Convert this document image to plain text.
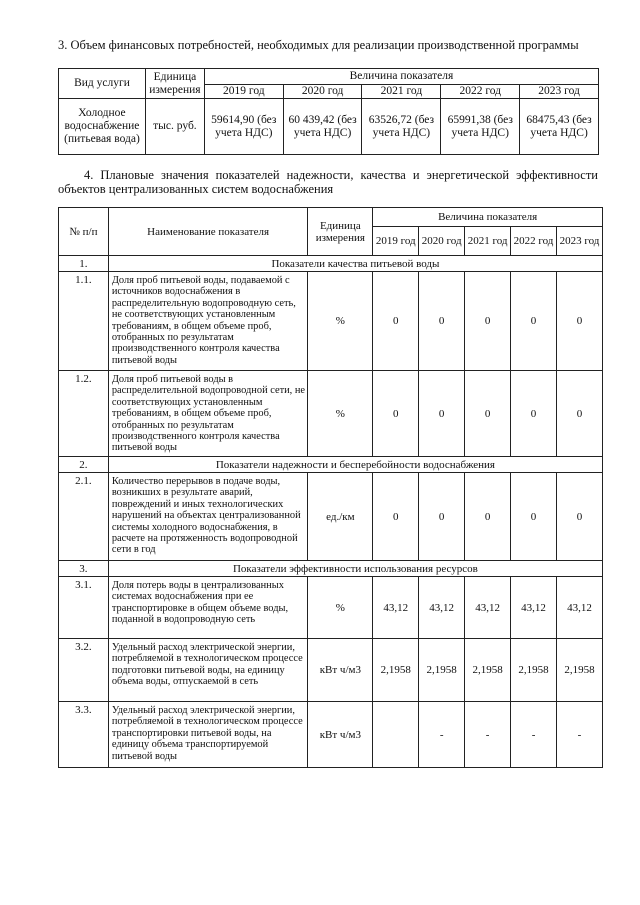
3. Объем финансовых потребностей, необходимых для реализации производственной программы
Вид услуги	Единица измерения	Величина показателя				
		2019 год	2020 год	2021 год	2022 год	2023 год
Холодное водоснабжение (питьевая вода)	тыс. руб.	59614,90 (без учета НДС)	60 439,42 (без учета НДС)	63526,72 (без учета НДС)	65991,38 (без учета НДС)	68475,43 (без учета НДС)
4. Плановые значения показателей надежности, качества и энергетической эффективности объектов централизованных систем водоснабжения
№ п/п	Наименование показателя	Единица измерения	Величина показателя				
			2019 год	2020 год	2021 год	2022 год	2023 год
1.	Показатели качества питьевой воды						
1.1.	Доля проб питьевой воды, подаваемой с источников водоснабжения в распределительную водопроводную сеть, не соответствующих установленным требованиям, в общем объеме проб, отобранных по результатам производственного контроля качества питьевой воды	%	0	0	0	0	0
1.2.	Доля проб питьевой воды в распределительной водопроводной сети, не соответствующих установленным требованиям, в общем объеме проб, отобранных по результатам производственного контроля качества питьевой воды	%	0	0	0	0	0
2.	Показатели надежности и бесперебойности водоснабжения						
2.1.	Количество перерывов в подаче воды, возникших в результате аварий, повреждений и иных технологических нарушений на объектах централизованной системы холодного водоснабжения, в расчете на протяженность водопроводной сети в год	ед./км	0	0	0	0	0
3.	Показатели эффективности использования ресурсов						
3.1.	Доля потерь воды в централизованных системах водоснабжения при ее транспортировке в общем объеме воды, поданной в водопроводную сеть	%	43,12	43,12	43,12	43,12	43,12
3.2.	Удельный расход электрической энергии, потребляемой в технологическом процессе подготовки питьевой воды, на единицу объема воды, отпускаемой в сеть	кВт ч/м3	2,1958	2,1958	2,1958	2,1958	2,1958
3.3.	Удельный расход электрической энергии, потребляемой в технологическом процессе транспортировки питьевой воды, на единицу объема транспортируемой питьевой воды	кВт ч/м3		-	-	-	-
